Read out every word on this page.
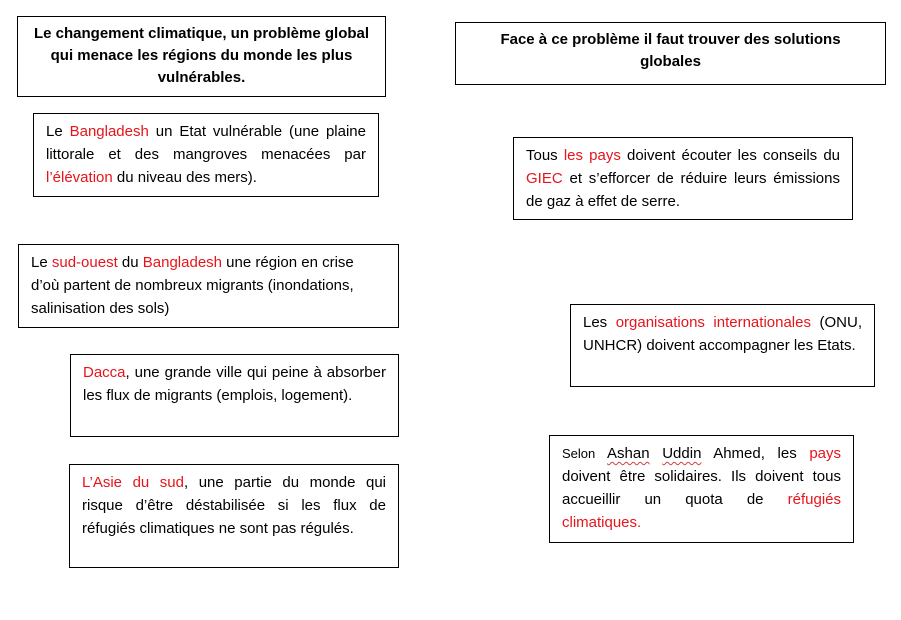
Le changement climatique, un problème global qui menace les régions du monde les plus vulnérables.
Le Bangladesh un Etat vulnérable (une plaine littorale et des mangroves menacées par l’élévation du niveau des mers).
Le sud-ouest du Bangladesh une région en crise d’où partent de nombreux migrants (inondations, salinisation des sols)
Dacca, une grande ville qui peine à absorber les flux de migrants (emplois, logement).
L’Asie du sud, une partie du monde qui risque d’être déstabilisée si les flux de réfugiés climatiques ne sont pas régulés.
Face à ce problème il faut trouver des solutions globales
Tous les pays doivent écouter les conseils du GIEC et s’efforcer de réduire leurs émissions de gaz à effet de serre.
Les organisations internationales (ONU, UNHCR) doivent accompagner les Etats.
Selon Ashan Uddin Ahmed, les pays doivent être solidaires. Ils doivent tous accueillir un quota de réfugiés climatiques.
